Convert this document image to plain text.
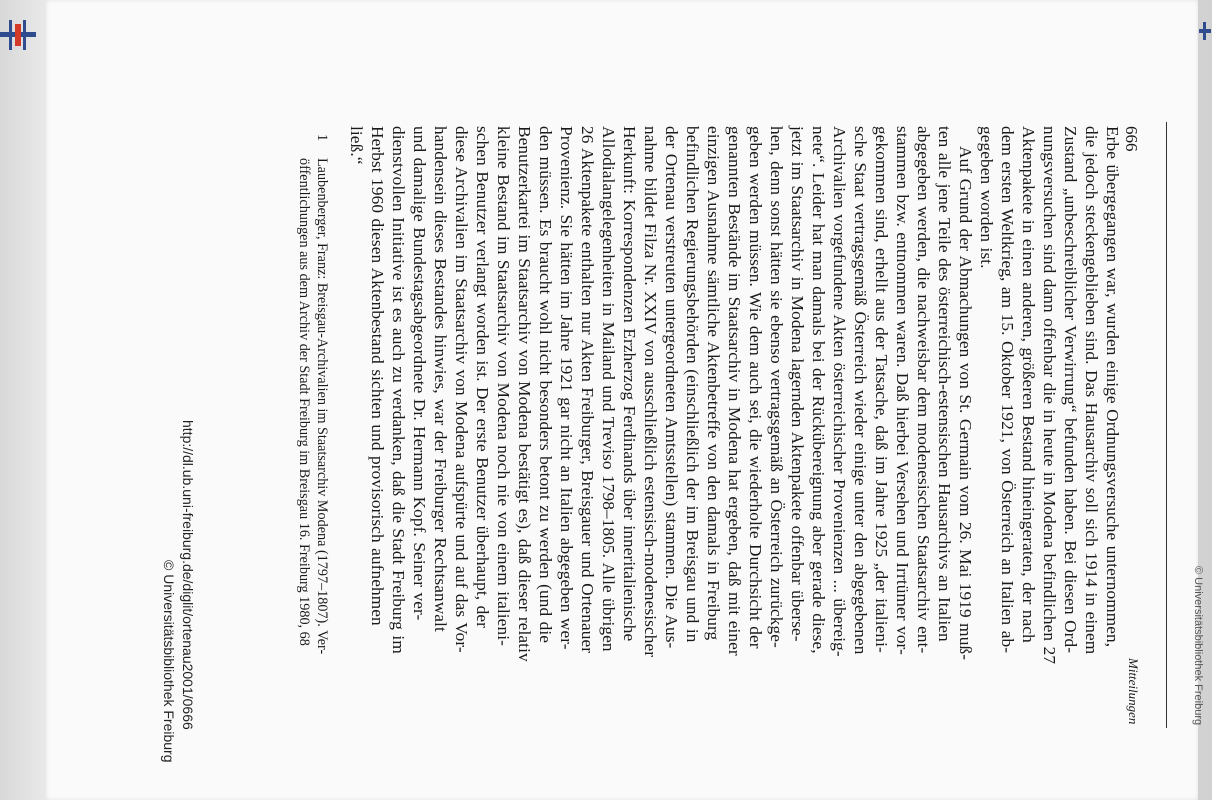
666
Mitteilungen
Erbe übergegangen war, wurden einige Ordnungsversuche unternommen,
die jedoch steckengeblieben sind. Das Hausarchiv soll sich 1914 in einem
Zustand „unbeschreiblicher Verwirrung“ befunden haben. Bei diesen Ord-
nungsversuchen sind dann offenbar die in heute in Modena befindlichen 27
Aktenpakete in einen anderen, größeren Bestand hineingeraten, der nach
dem ersten Weltkrieg, am 15. Oktober 1921, von Österreich an Italien ab-
gegeben worden ist.
Auf Grund der Abmachungen von St. Germain vom 26. Mai 1919 muß-
ten alle jene Teile des österreichisch-estensischen Hausarchivs an Italien
abgegeben werden, die nachweisbar dem modenesischen Staatsarchiv ent-
stammen bzw. entnommen waren. Daß hierbei Versehen und Irrtümer vor-
gekommen sind, erhellt aus der Tatsache, daß im Jahre 1925 „der italieni-
sche Staat vertragsgemäß Österreich wieder einige unter den abgegebenen
Archivalien vorgefundene Akten österreichischer Provenienzen ... übereig-
nete“. Leider hat man damals bei der Rückübereignung aber gerade diese,
jetzt im Staatsarchiv in Modena lagernden Aktenpakete offenbar überse-
hen, denn sonst hätten sie ebenso vertragsgemäß an Österreich zurückge-
geben werden müssen. Wie dem auch sei, die wiederholte Durchsicht der
genannten Bestände im Staatsarchiv in Modena hat ergeben, daß mit einer
einzigen Ausnahme sämtliche Aktenbetreffe von den damals in Freiburg
befindlichen Regierungsbehörden (einschließlich der im Breisgau und in
der Ortenau verstreuten untergeordneten Amtsstellen) stammen. Die Aus-
nahme bildet Filza Nr. XXIV von ausschließlich estensisch-modenesischer
Herkunft: Korrespondenzen Erzherzog Ferdinands über inneritalienische
Allodialangelegenheiten in Mailand und Treviso 1798–1805. Alle übrigen
26 Aktenpakete enthalten nur Akten Freiburger, Breisgauer und Ortenauer
Provenienz. Sie hätten im Jahre 1921 gar nicht an Italien abgegeben wer-
den müssen. Es braucht wohl nicht besonders betont zu werden (und die
Benutzerkartei im Staatsarchiv von Modena bestätigt es), daß dieser relativ
kleine Bestand im Staatsarchiv von Modena noch nie von einem italieni-
schen Benutzer verlangt worden ist. Der erste Benutzer überhaupt, der
diese Archivalien im Staatsarchiv von Modena aufspürte und auf das Vor-
handensein dieses Bestandes hinwies, war der Freiburger Rechtsanwalt
und damalige Bundestagsabgeordnete Dr. Hermann Kopf. Seiner ver-
dienstvollen Initiative ist es auch zu verdanken, daß die Stadt Freiburg im
Herbst 1960 diesen Aktenbestand sichten und provisorisch aufnehmen
ließ.“
1
Laubenberger, Franz: Breisgau-Archivalien im Staatsarchiv Modena (1797–1807). Ver-
öffentlichungen aus dem Archiv der Stadt Freiburg im Breisgau 16. Freiburg 1980, 68
http://dl.ub.uni-freiburg.de/diglit/ortenau2001/0666
© Universitätsbibliothek Freiburg	© Universitätsbibliothek Freiburg
